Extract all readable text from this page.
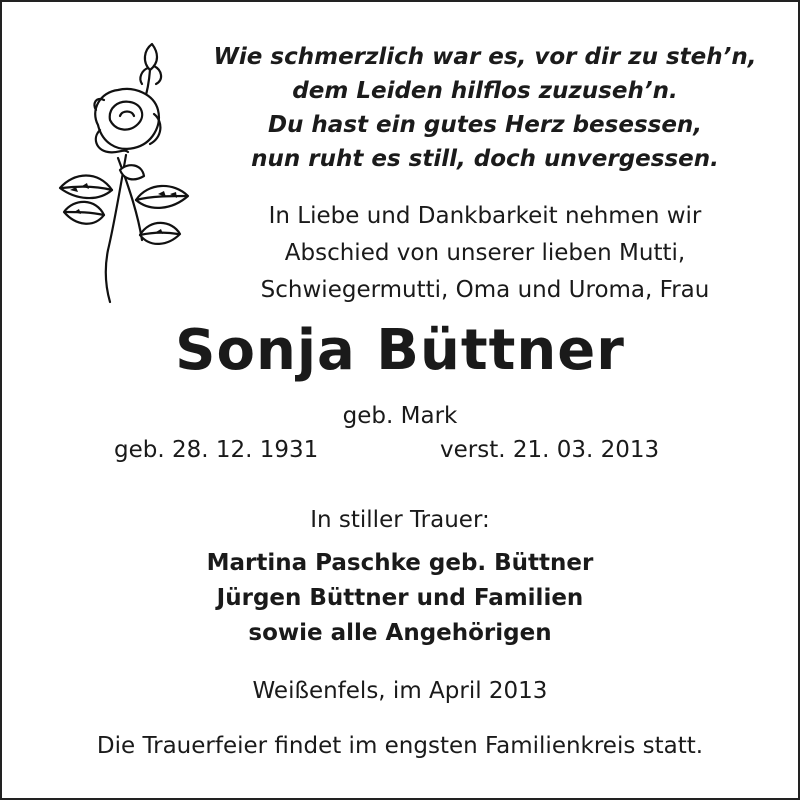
Wie schmerzlich war es, vor dir zu steh’n,
dem Leiden hilflos zuzuseh’n.
Du hast ein gutes Herz besessen,
nun ruht es still, doch unvergessen.
In Liebe und Dankbarkeit nehmen wir
Abschied von unserer lieben Mutti,
Schwiegermutti, Oma und Uroma, Frau
Sonja Büttner
geb. Mark
geb. 28. 12. 1931	verst. 21. 03. 2013
In stiller Trauer:
Martina Paschke geb. Büttner
Jürgen Büttner und Familien
sowie alle Angehörigen
Weißenfels, im April 2013
Die Trauerfeier findet im engsten Familienkreis statt.
